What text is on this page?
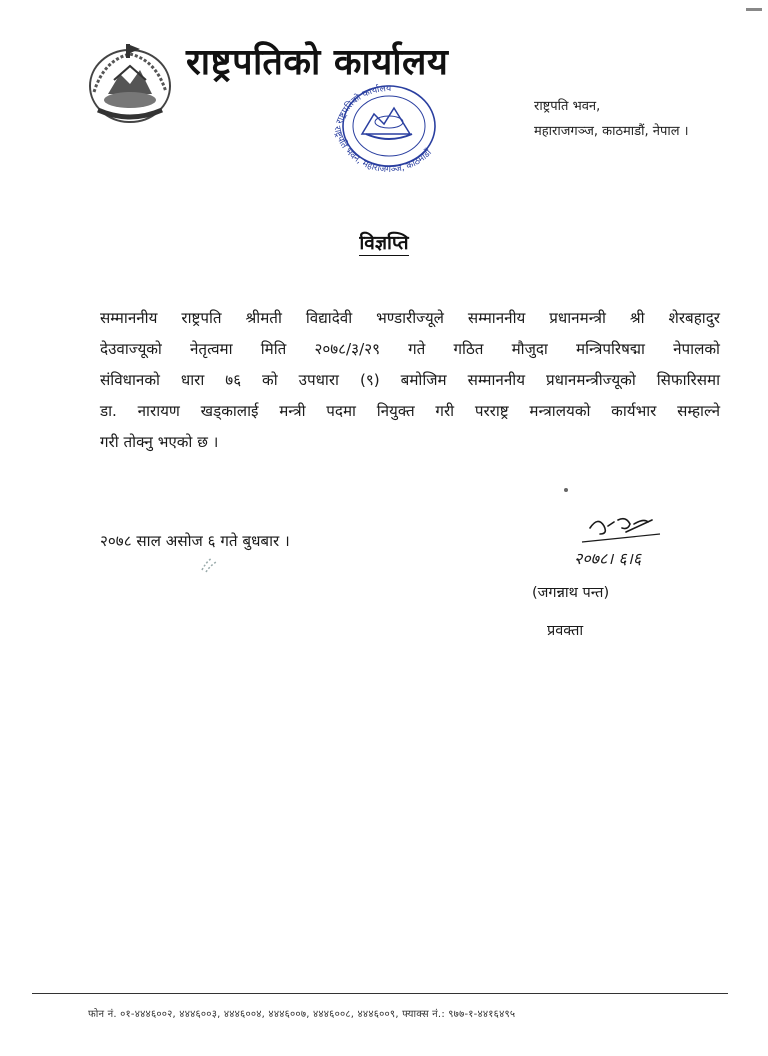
राष्ट्रपतिको कार्यालय
राष्ट्रपतिको कार्यालय
राष्ट्रपति भवन, महाराजगञ्ज, काठमाडौं
राष्ट्रपति भवन,
महाराजगञ्ज, काठमाडौं, नेपाल ।
विज्ञप्ति
सम्माननीय राष्ट्रपति श्रीमती विद्यादेवी भण्डारीज्यूले सम्माननीय प्रधानमन्त्री श्री शेरबहादुर
देउवाज्यूको नेतृत्वमा मिति २०७८/३/२९ गते गठित मौजुदा मन्त्रिपरिषद्मा नेपालको
संविधानको धारा ७६ को उपधारा (९) बमोजिम सम्माननीय प्रधानमन्त्रीज्यूको सिफारिसमा
डा. नारायण खड्कालाई मन्त्री पदमा नियुक्त गरी परराष्ट्र मन्त्रालयको कार्यभार सम्हाल्ने
गरी तोक्नु भएको छ ।
२०७८ साल असोज ६ गते बुधबार ।
२०७८। ६।६
(जगन्नाथ पन्त)
प्रवक्ता
फोन नं. ०१-४४४६००२, ४४४६००३, ४४४६००४, ४४४६००७, ४४४६००८, ४४४६००९, फ्याक्स नं.: ९७७-१-४४१६४९५
